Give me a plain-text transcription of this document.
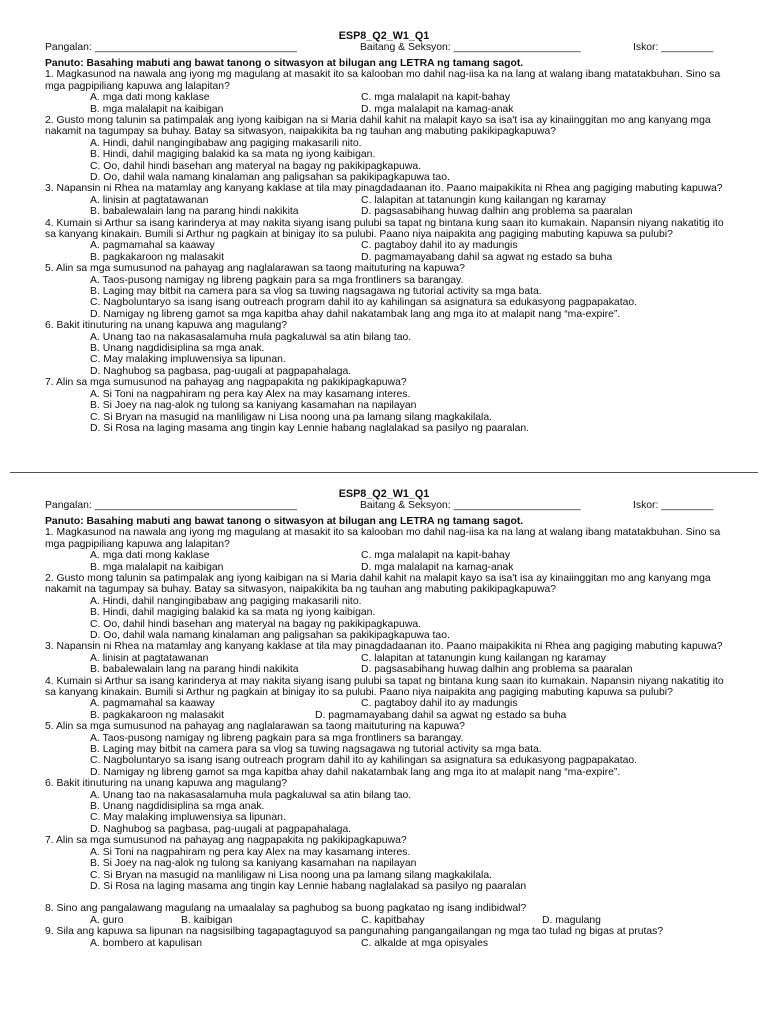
ESP8_Q2_W1_Q1
Pangalan: ___________________________________	Baitang & Seksyon: ______________________	Iskor: _________
Panuto: Basahing mabuti ang bawat tanong o sitwasyon at bilugan ang LETRA ng tamang sagot.
1. Magkasunod na nawala ang iyong mg magulang at masakit ito sa kalooban mo dahil nag-iisa ka na lang at walang ibang matatakbuhan. Sino sa
mga pagpipiliang kapuwa ang lalapitan?
A. mga dati mong kaklase	C. mga malalapit na kapit-bahay
B. mga malalapit na kaibigan	D. mga malalapit na kamag-anak
2. Gusto mong talunin sa patimpalak ang iyong kaibigan na si Maria dahil kahit na malapit kayo sa isa't isa ay kinaiinggitan mo ang kanyang mga
nakamit na tagumpay sa buhay. Batay sa sitwasyon, naipakikita ba ng tauhan ang mabuting pakikipagkapuwa?
A. Hindi, dahil nangingibabaw ang pagiging makasarili nito.
B. Hindi, dahil magiging balakid ka sa mata ng iyong kaibigan.
C. Oo, dahil hindi basehan ang materyal na bagay ng pakikipagkapuwa.
D. Oo, dahil wala namang kinalaman ang paligsahan sa pakikipagkapuwa tao.
3. Napansin ni Rhea na matamlay ang kanyang kaklase at tila may pinagdadaanan ito. Paano maipakikita ni Rhea ang pagiging mabuting kapuwa?
A. linisin at pagtatawanan	C. lalapitan at tatanungin kung kailangan ng karamay
B. babalewalain lang na parang hindi nakikita	D. pagsasabihang huwag dalhin ang problema sa paaralan
4. Kumain si Arthur sa isang karinderya at may nakita siyang isang pulubi sa tapat ng bintana kung saan ito kumakain. Napansin niyang nakatitig ito
sa kanyang kinakain. Bumili si Arthur ng pagkain at binigay ito sa pulubi. Paano niya naipakita ang pagiging mabuting kapuwa sa pulubi?
A. pagmamahal sa kaaway	C. pagtaboy dahil ito ay madungis
B. pagkakaroon ng malasakit	D. pagmamayabang dahil sa agwat ng estado sa buha
5. Alin sa mga sumusunod na pahayag ang naglalarawan sa taong maituturing na kapuwa?
A. Taos-pusong namigay ng libreng pagkain para sa mga frontliners sa barangay.
B. Laging may bitbit na camera para sa vlog sa tuwing nagsagawa ng tutorial activity sa mga bata.
C. Nagboluntaryo sa isang isang outreach program dahil ito ay kahilingan sa asignatura sa edukasyong pagpapakatao.
D. Namigay ng libreng gamot sa mga kapitba ahay dahil nakatambak lang ang mga ito at malapit nang “ma-expire”.
6. Bakit itinuturing na unang kapuwa ang magulang?
A. Unang tao na nakasasalamuha mula pagkaluwal sa atin bilang tao.
B. Unang nagdidisiplina sa mga anak.
C. May malaking impluwensiya sa lipunan.
D. Naghubog sa pagbasa, pag-uugali at pagpapahalaga.
7. Alin sa mga sumusunod na pahayag ang nagpapakita ng pakikipagkapuwa?
A. Si Toni na nagpahiram ng pera kay Alex na may kasamang interes.
B. Si Joey na nag-alok ng tulong sa kaniyang kasamahan na napilayan
C. Si Bryan na masugid na manliligaw ni Lisa noong una pa lamang silang magkakilala.
D. Si Rosa na laging masama ang tingin kay Lennie habang naglalakad sa pasilyo ng paaralan.
ESP8_Q2_W1_Q1
Pangalan: ___________________________________	Baitang & Seksyon: ______________________	Iskor: _________
Panuto: Basahing mabuti ang bawat tanong o sitwasyon at bilugan ang LETRA ng tamang sagot.
1. Magkasunod na nawala ang iyong mg magulang at masakit ito sa kalooban mo dahil nag-iisa ka na lang at walang ibang matatakbuhan. Sino sa
mga pagpipiliang kapuwa ang lalapitan?
A. mga dati mong kaklase	C. mga malalapit na kapit-bahay
B. mga malalapit na kaibigan	D. mga malalapit na kamag-anak
2. Gusto mong talunin sa patimpalak ang iyong kaibigan na si Maria dahil kahit na malapit kayo sa isa't isa ay kinaiinggitan mo ang kanyang mga
nakamit na tagumpay sa buhay. Batay sa sitwasyon, naipakikita ba ng tauhan ang mabuting pakikipagkapuwa?
A. Hindi, dahil nangingibabaw ang pagiging makasarili nito.
B. Hindi, dahil magiging balakid ka sa mata ng iyong kaibigan.
C. Oo, dahil hindi basehan ang materyal na bagay ng pakikipagkapuwa.
D. Oo, dahil wala namang kinalaman ang paligsahan sa pakikipagkapuwa tao.
3. Napansin ni Rhea na matamlay ang kanyang kaklase at tila may pinagdadaanan ito. Paano maipakikita ni Rhea ang pagiging mabuting kapuwa?
A. linisin at pagtatawanan	C. lalapitan at tatanungin kung kailangan ng karamay
B. babalewalain lang na parang hindi nakikita	D. pagsasabihang huwag dalhin ang problema sa paaralan
4. Kumain si Arthur sa isang karinderya at may nakita siyang isang pulubi sa tapat ng bintana kung saan ito kumakain. Napansin niyang nakatitig ito
sa kanyang kinakain. Bumili si Arthur ng pagkain at binigay ito sa pulubi. Paano niya naipakita ang pagiging mabuting kapuwa sa pulubi?
A. pagmamahal sa kaaway	C. pagtaboy dahil ito ay madungis
B. pagkakaroon ng malasakit	D. pagmamayabang dahil sa agwat ng estado sa buha
5. Alin sa mga sumusunod na pahayag ang naglalarawan sa taong maituturing na kapuwa?
A. Taos-pusong namigay ng libreng pagkain para sa mga frontliners sa barangay.
B. Laging may bitbit na camera para sa vlog sa tuwing nagsagawa ng tutorial activity sa mga bata.
C. Nagboluntaryo sa isang isang outreach program dahil ito ay kahilingan sa asignatura sa edukasyong pagpapakatao.
D. Namigay ng libreng gamot sa mga kapitba ahay dahil nakatambak lang ang mga ito at malapit nang “ma-expire”.
6. Bakit itinuturing na unang kapuwa ang magulang?
A. Unang tao na nakasasalamuha mula pagkaluwal sa atin bilang tao.
B. Unang nagdidisiplina sa mga anak.
C. May malaking impluwensiya sa lipunan.
D. Naghubog sa pagbasa, pag-uugali at pagpapahalaga.
7. Alin sa mga sumusunod na pahayag ang nagpapakita ng pakikipagkapuwa?
A. Si Toni na nagpahiram ng pera kay Alex na may kasamang interes.
B. Si Joey na nag-alok ng tulong sa kaniyang kasamahan na napilayan
C. Si Bryan na masugid na manliligaw ni Lisa noong una pa lamang silang magkakilala.
D. Si Rosa na laging masama ang tingin kay Lennie habang naglalakad sa pasilyo ng paaralan
8. Sino ang pangalawang magulang na umaalalay sa paghubog sa buong pagkatao ng isang indibidwal?
A. guro	B. kaibigan	C. kapitbahay	D. magulang
9. Sila ang kapuwa sa lipunan na nagsisilbing tagapagtaguyod sa pangunahing pangangailangan ng mga tao tulad ng bigas at prutas?
A. bombero at kapulisan	C. alkalde at mga opisyales
